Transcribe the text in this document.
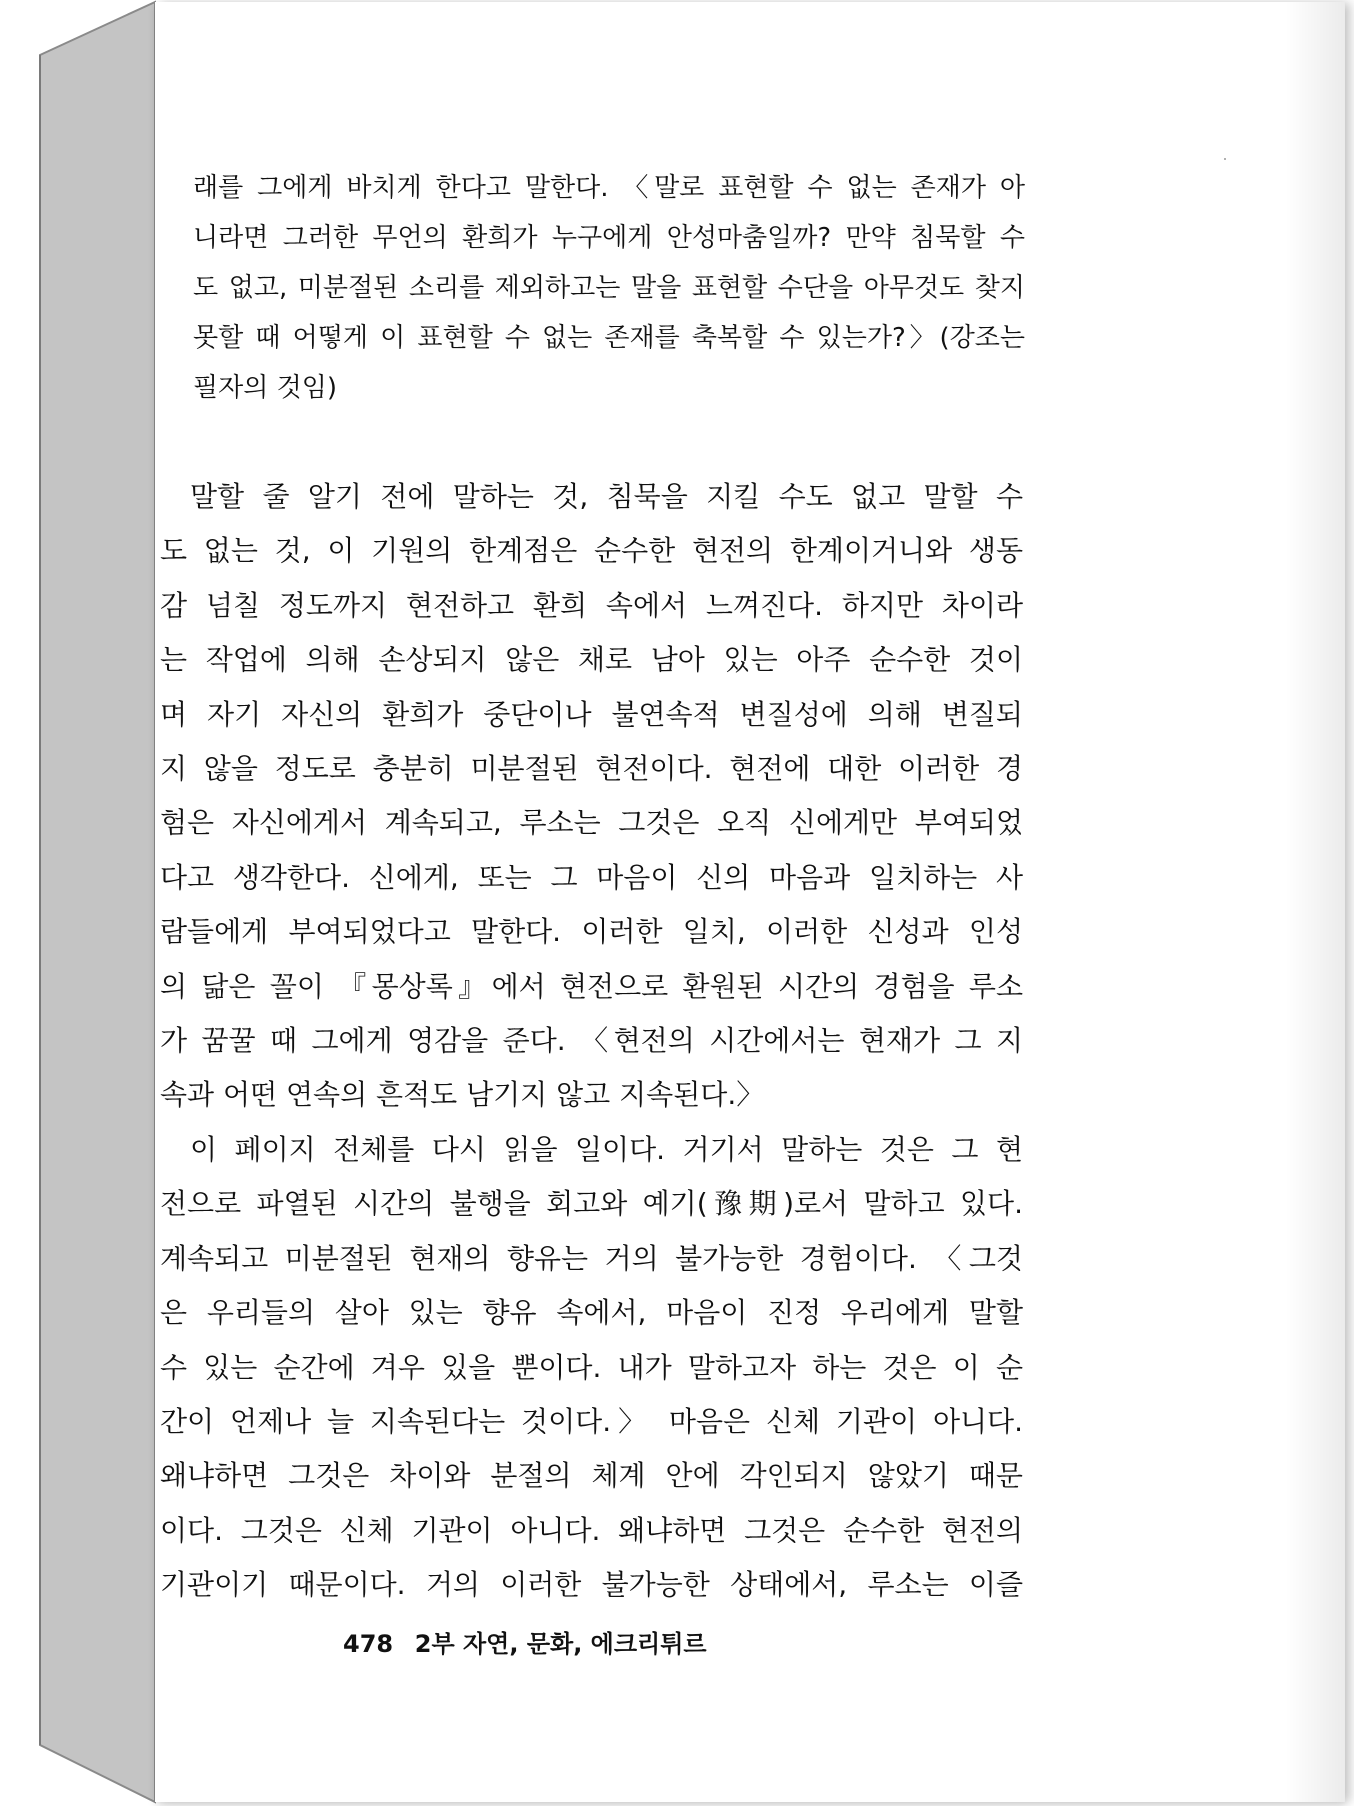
래를 그에게 바치게 한다고 말한다. 〈말로 표현할 수 없는 존재가 아
니라면 그러한 무언의 환희가 누구에게 안성마춤일까? 만약 침묵할 수
도 없고, 미분절된 소리를 제외하고는 말을 표현할 수단을 아무것도 찾지
못할 때 어떻게 이 표현할 수 없는 존재를 축복할 수 있는가?〉(강조는
필자의 것임)
말할 줄 알기 전에 말하는 것, 침묵을 지킬 수도 없고 말할 수
도 없는 것, 이 기원의 한계점은 순수한 현전의 한계이거니와 생동
감 넘칠 정도까지 현전하고 환희 속에서 느껴진다. 하지만 차이라
는 작업에 의해 손상되지 않은 채로 남아 있는 아주 순수한 것이
며 자기 자신의 환희가 중단이나 불연속적 변질성에 의해 변질되
지 않을 정도로 충분히 미분절된 현전이다. 현전에 대한 이러한 경
험은 자신에게서 계속되고, 루소는 그것은 오직 신에게만 부여되었
다고 생각한다. 신에게, 또는 그 마음이 신의 마음과 일치하는 사
람들에게 부여되었다고 말한다. 이러한 일치, 이러한 신성과 인성
의 닮은 꼴이 『몽상록』에서 현전으로 환원된 시간의 경험을 루소
가 꿈꿀 때 그에게 영감을 준다. 〈현전의 시간에서는 현재가 그 지
속과 어떤 연속의 흔적도 남기지 않고 지속된다.〉
이 페이지 전체를 다시 읽을 일이다. 거기서 말하는 것은 그 현
전으로 파열된 시간의 불행을 회고와 예기(豫期)로서 말하고 있다.
계속되고 미분절된 현재의 향유는 거의 불가능한 경험이다. 〈그것
은 우리들의 살아 있는 향유 속에서, 마음이 진정 우리에게 말할
수 있는 순간에 겨우 있을 뿐이다. 내가 말하고자 하는 것은 이 순
간이 언제나 늘 지속된다는 것이다.〉 마음은 신체 기관이 아니다.
왜냐하면 그것은 차이와 분절의 체계 안에 각인되지 않았기 때문
이다. 그것은 신체 기관이 아니다. 왜냐하면 그것은 순수한 현전의
기관이기 때문이다. 거의 이러한 불가능한 상태에서, 루소는 이즐
478 2부 자연, 문화, 에크리튀르
